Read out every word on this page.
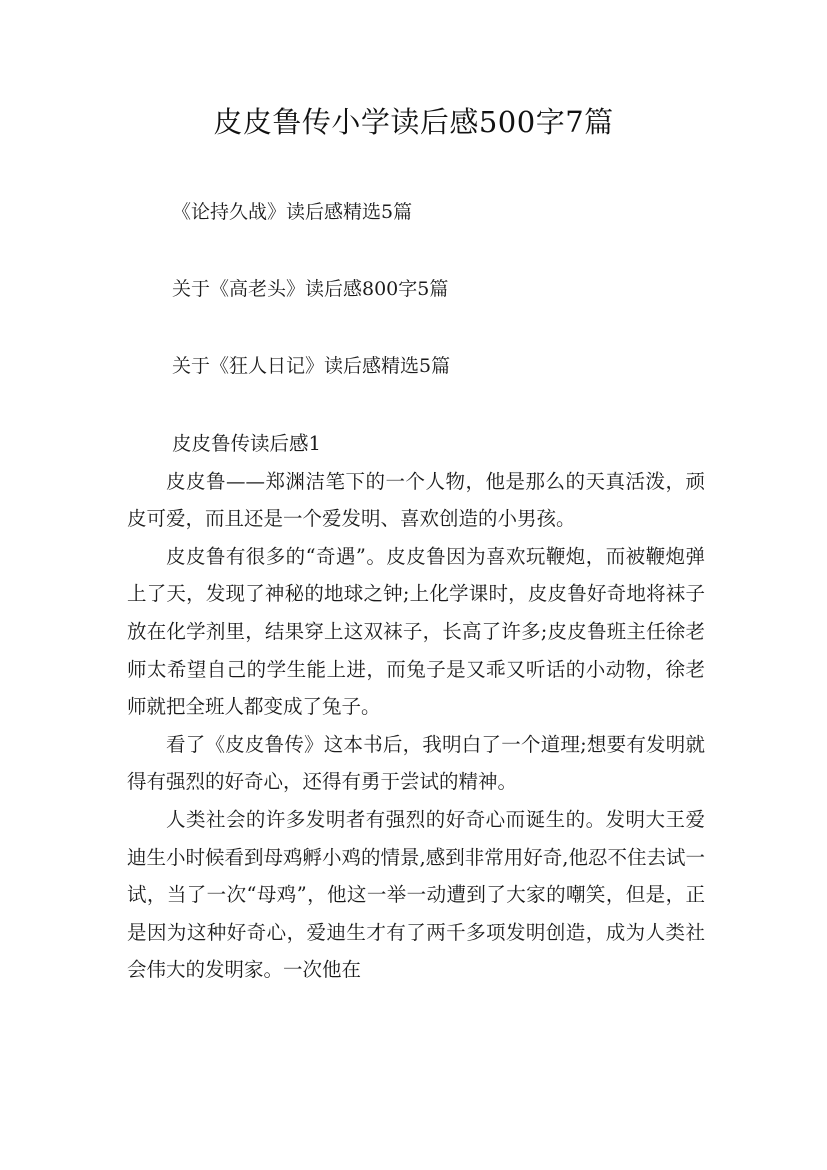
皮皮鲁传小学读后感500字7篇
《论持久战》读后感精选5篇
关于《高老头》读后感800字5篇
关于《狂人日记》读后感精选5篇
皮皮鲁传读后感1

皮皮鲁——郑渊洁笔下的一个人物，他是那么的天真活泼，顽皮可爱，而且还是一个爱发明、喜欢创造的小男孩。

皮皮鲁有很多的“奇遇”。皮皮鲁因为喜欢玩鞭炮，而被鞭炮弹上了天，发现了神秘的地球之钟;上化学课时，皮皮鲁好奇地将袜子放在化学剂里，结果穿上这双袜子，长高了许多;皮皮鲁班主任徐老师太希望自己的学生能上进，而兔子是又乖又听话的小动物，徐老师就把全班人都变成了兔子。

看了《皮皮鲁传》这本书后，我明白了一个道理;想要有发明就得有强烈的好奇心，还得有勇于尝试的精神。

人类社会的许多发明者有强烈的好奇心而诞生的。发明大王爱迪生小时候看到母鸡孵小鸡的情景,感到非常用好奇,他忍不住去试一试，当了一次“母鸡”，他这一举一动遭到了大家的嘲笑，但是，正是因为这种好奇心，爱迪生才有了两千多项发明创造，成为人类社会伟大的发明家。一次他在
